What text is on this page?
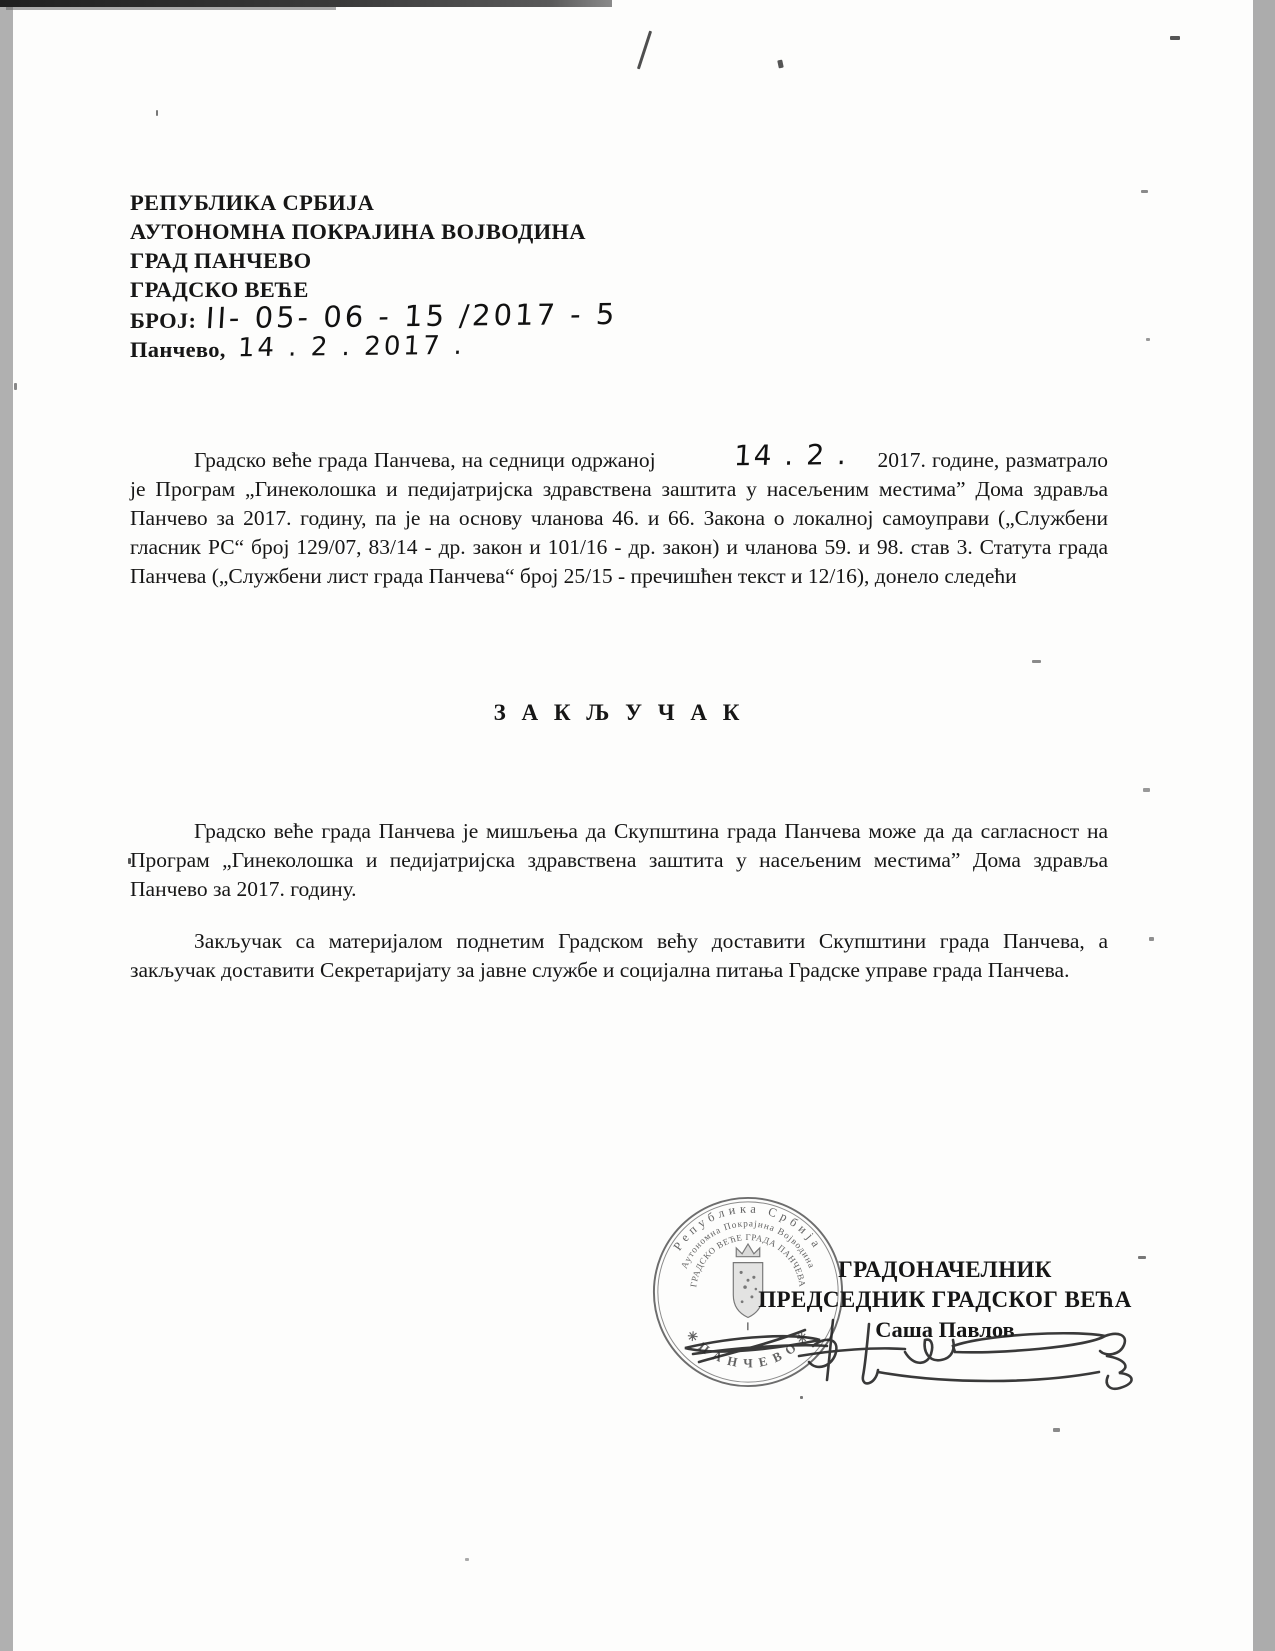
РЕПУБЛИКА СРБИЈА
АУТОНОМНА ПОКРАЈИНА ВОЈВОДИНА
ГРАД ПАНЧЕВО
ГРАДСКО ВЕЋЕ
БРОЈ: ІІ- 05- 06 - 15 /2017 - 5
Панчево, 14 . 2 . 2017 .
Градско веће града Панчева, на седници одржаној	14 . 2 . 2017. године, разматрало је Програм „Гинеколошка и педијатријска здравствена заштита у насељеним местима” Дома здравља Панчево за 2017. годину, па је на основу чланова 46. и 66. Закона о локалној самоуправи („Службени гласник РС“ број 129/07, 83/14 - др. закон и 101/16 - др. закон) и чланова 59. и 98. став 3. Статута града Панчева („Службени лист града Панчева“ број 25/15 - пречишћен текст и 12/16), донело следећи
З А К Љ У Ч А К
Градско веће града Панчева је мишљења да Скупштина града Панчева може да да сагласност на Програм „Гинеколошка и педијатријска здравствена заштита у насељеним местима” Дома здравља Панчево за 2017. годину.
Закључак са материјалом поднетим Градском већу доставити Скупштини града Панчева, а закључак доставити Секретаријату за јавне службе и социјална питања Градске управе града Панчева.
Република Србија
Аутономна Покрајина Војводина
ГРАДСКО ВЕЋЕ ГРАДА ПАНЧЕВА
✳ П А Н Ч Е В О ✳
ГРАДОНАЧЕЛНИК
ПРЕДСЕДНИК ГРАДСКОГ ВЕЋА
Саша Павлов
